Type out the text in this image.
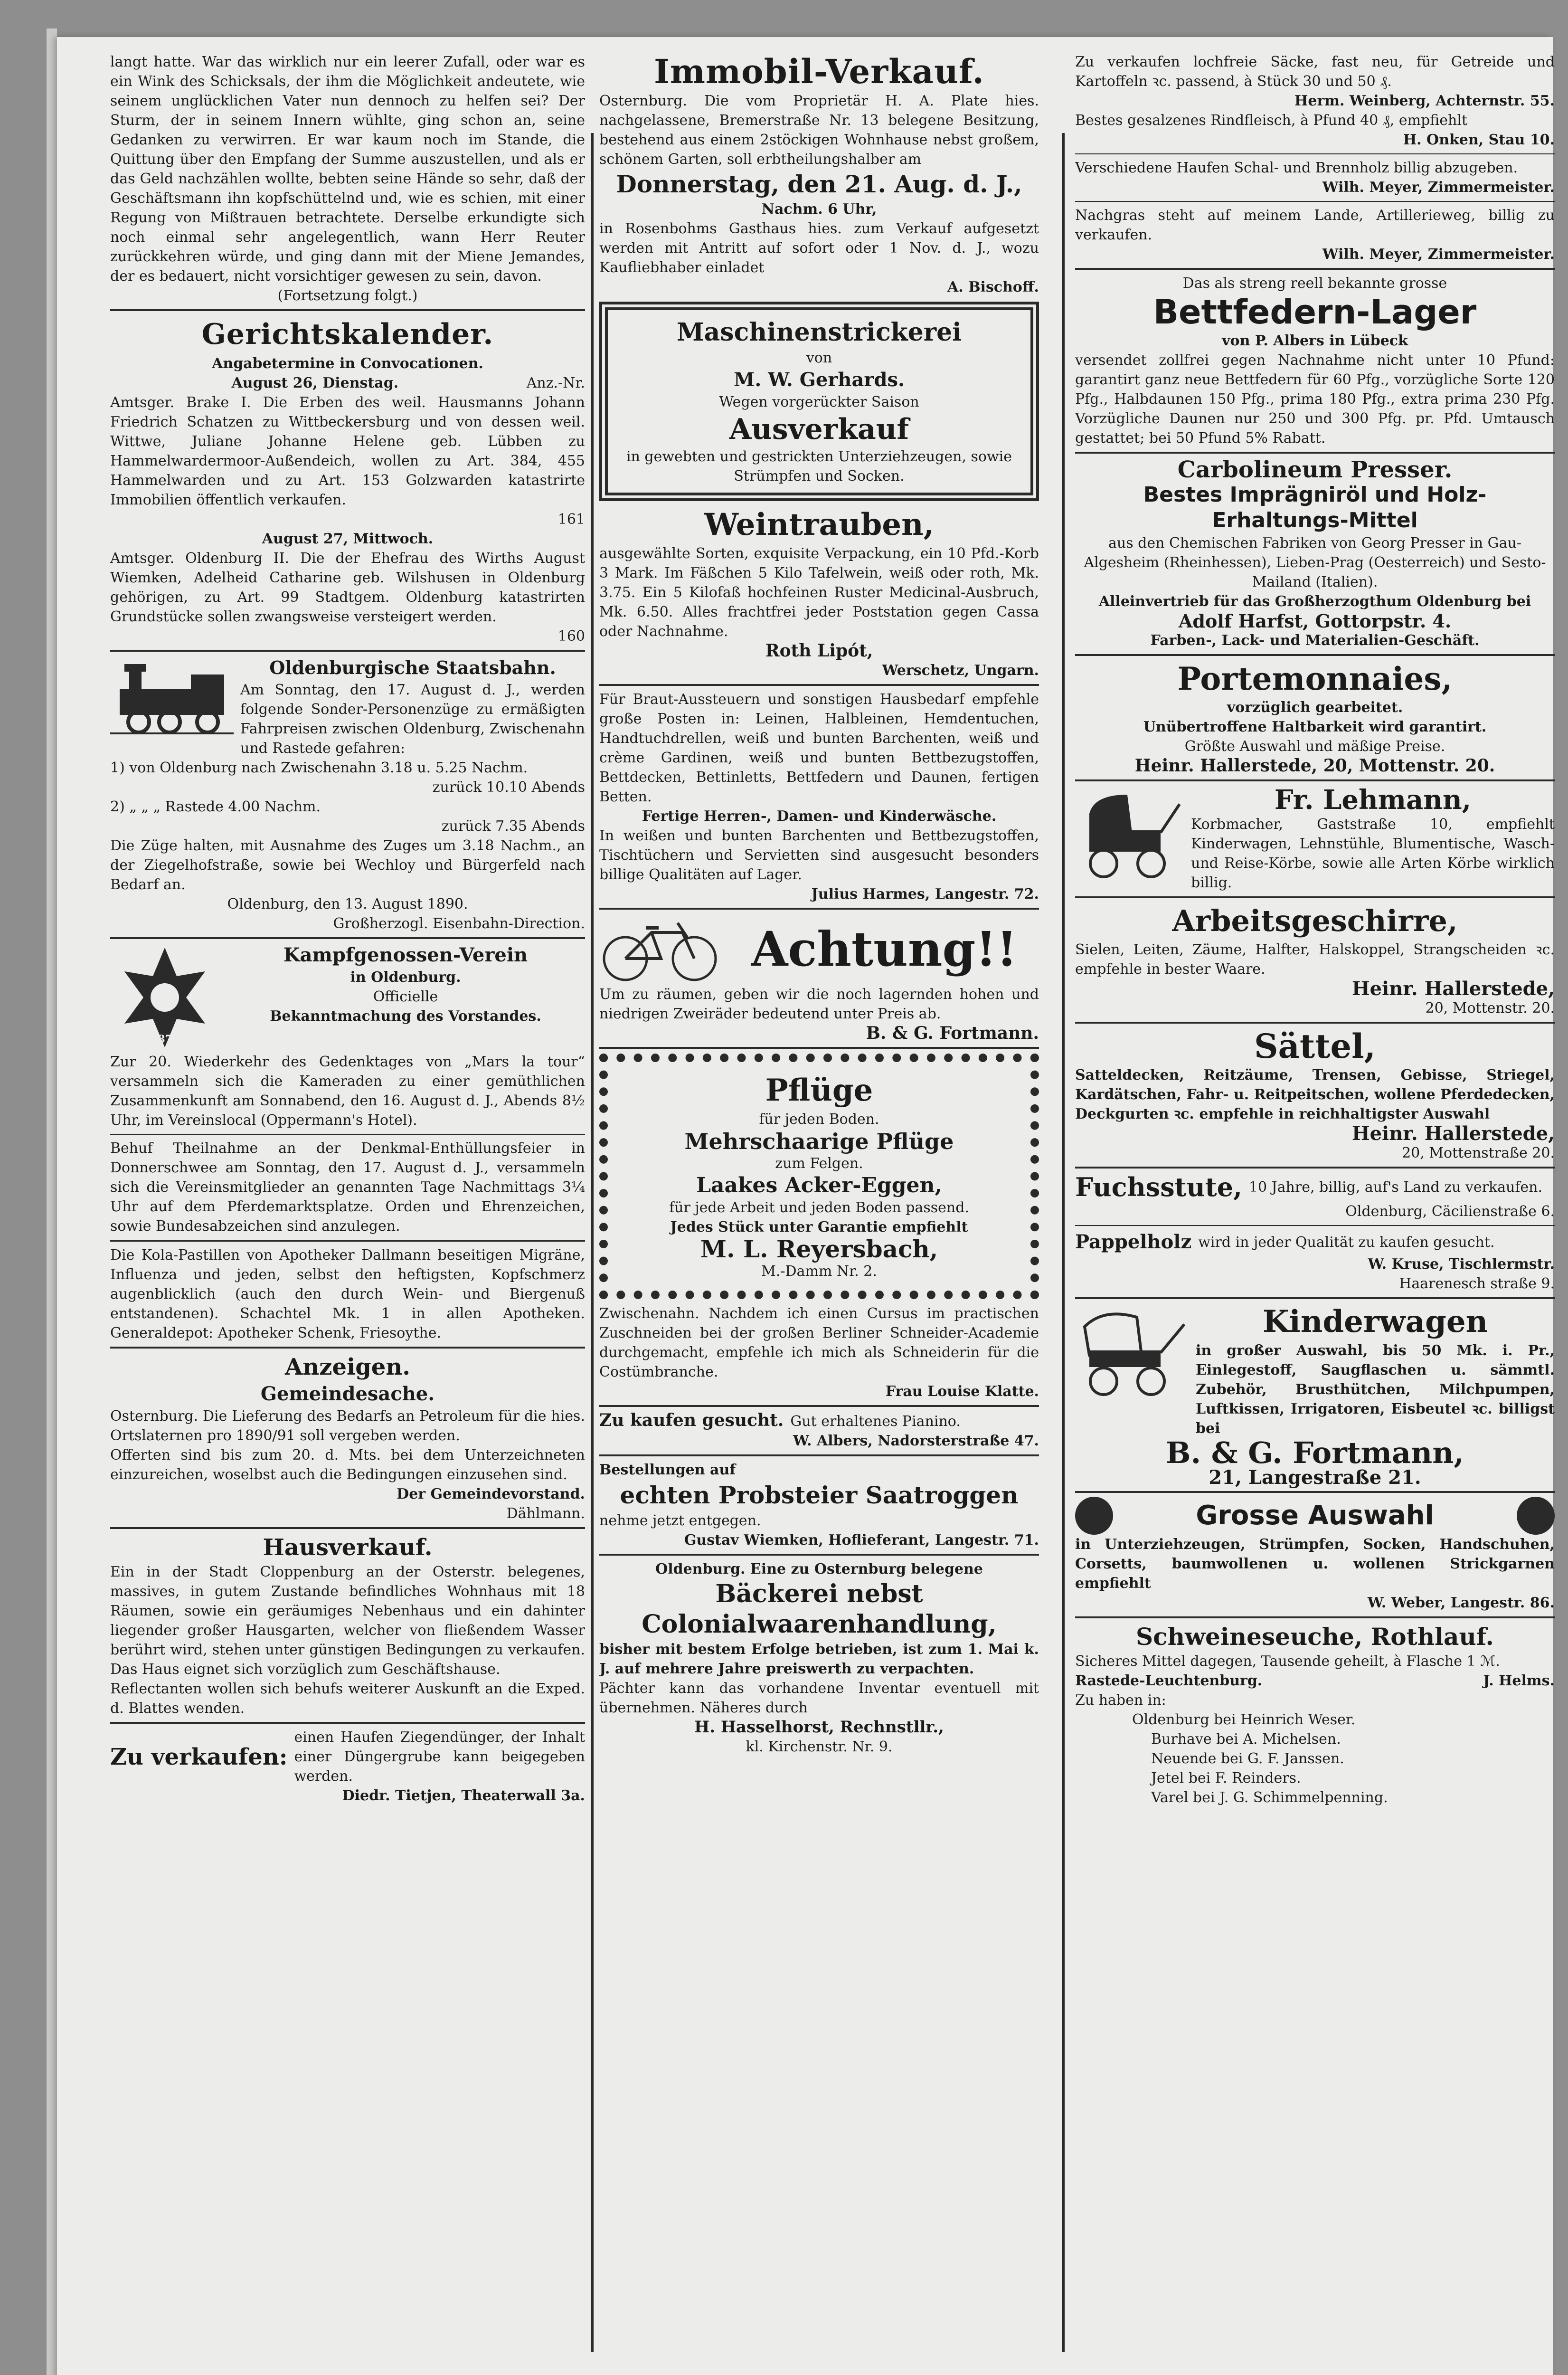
langt hatte. War das wirklich nur ein leerer Zufall, oder war es ein Wink des Schicksals, der ihm die Möglichkeit andeutete, wie seinem unglücklichen Vater nun dennoch zu helfen sei? Der Sturm, der in seinem Innern wühlte, ging schon an, seine Gedanken zu verwirren. Er war kaum noch im Stande, die Quittung über den Empfang der Summe auszustellen, und als er das Geld nachzählen wollte, bebten seine Hände so sehr, daß der Geschäftsmann ihn kopfschüttelnd und, wie es schien, mit einer Regung von Mißtrauen betrachtete. Derselbe erkundigte sich noch einmal sehr angelegentlich, wann Herr Reuter zurückkehren würde, und ging dann mit der Miene Jemandes, der es bedauert, nicht vorsichtiger gewesen zu sein, davon.

(Fortsetzung folgt.)

Gerichtskalender.

Angabetermine in Convocationen.

August 26, Dienstag.	Anz.-Nr.

Amtsger. Brake I. Die Erben des weil. Hausmanns Johann Friedrich Schatzen zu Wittbeckersburg und von dessen weil. Wittwe, Juliane Johanne Helene geb. Lübben zu Hammelwardermoor-Außendeich, wollen zu Art. 384, 455 Hammelwarden und zu Art. 153 Golzwarden katastrirte Immobilien öffentlich verkaufen.

161

August 27, Mittwoch.

Amtsger. Oldenburg II. Die der Ehefrau des Wirths August Wiemken, Adelheid Catharine geb. Wilshusen in Oldenburg gehörigen, zu Art. 99 Stadtgem. Oldenburg katastrirten Grundstücke sollen zwangsweise versteigert werden.

160

Oldenburgische Staatsbahn.

Am Sonntag, den 17. August d. J., werden folgende Sonder-Personenzüge zu ermäßigten Fahrpreisen zwischen Oldenburg, Zwischenahn und Rastede gefahren:

1) von Oldenburg nach Zwischenahn 3.18 u. 5.25 Nachm.

zurück 10.10 Abends

2) „ „ „ Rastede 4.00 Nachm.

zurück 7.35 Abends

Die Züge halten, mit Ausnahme des Zuges um 3.18 Nachm., an der Ziegelhofstraße, sowie bei Wechloy und Bürgerfeld nach Bedarf an.

Oldenburg, den 13. August 1890.

Großherzogl. Eisenbahn-Direction.

1870

Kampfgenossen-Verein

in Oldenburg.

Officielle

Bekanntmachung des Vorstandes.

Zur 20. Wiederkehr des Gedenktages von „Mars la tour“ versammeln sich die Kameraden zu einer gemüthlichen Zusammenkunft am Sonnabend, den 16. August d. J., Abends 8½ Uhr, im Vereinslocal (Oppermann's Hotel).

Behuf Theilnahme an der Denkmal-Enthüllungsfeier in Donnerschwee am Sonntag, den 17. August d. J., versammeln sich die Vereinsmitglieder an genannten Tage Nachmittags 3¼ Uhr auf dem Pferdemarktsplatze. Orden und Ehrenzeichen, sowie Bundesabzeichen sind anzulegen.

Die Kola-Pastillen von Apotheker Dallmann beseitigen Migräne, Influenza und jeden, selbst den heftigsten, Kopfschmerz augenblicklich (auch den durch Wein- und Biergenuß entstandenen). Schachtel Mk. 1 in allen Apotheken. Generaldepot: Apotheker Schenk, Friesoythe.

Anzeigen.

Gemeindesache.

Osternburg. Die Lieferung des Bedarfs an Petroleum für die hies. Ortslaternen pro 1890/91 soll vergeben werden.

Offerten sind bis zum 20. d. Mts. bei dem Unterzeichneten einzureichen, woselbst auch die Bedingungen einzusehen sind.

Der Gemeindevorstand.

Dählmann.

Hausverkauf.

Ein in der Stadt Cloppenburg an der Osterstr. belegenes, massives, in gutem Zustande befindliches Wohnhaus mit 18 Räumen, sowie ein geräumiges Nebenhaus und ein dahinter liegender großer Hausgarten, welcher von fließendem Wasser berührt wird, stehen unter günstigen Bedingungen zu verkaufen. Das Haus eignet sich vorzüglich zum Geschäftshause.

Reflectanten wollen sich behufs weiterer Auskunft an die Exped. d. Blattes wenden.

Zu verkaufen:

einen Haufen Ziegendünger, der Inhalt einer Düngergrube kann beigegeben werden.

Diedr. Tietjen, Theaterwall 3a.

Immobil-Verkauf.

Osternburg. Die vom Proprietär H. A. Plate hies. nachgelassene, Bremerstraße Nr. 13 belegene Besitzung, bestehend aus einem 2stöckigen Wohnhause nebst großem, schönem Garten, soll erbtheilungshalber am

Donnerstag, den 21. Aug. d. J.,

Nachm. 6 Uhr,

in Rosenbohms Gasthaus hies. zum Verkauf aufgesetzt werden mit Antritt auf sofort oder 1 Nov. d. J., wozu Kaufliebhaber einladet

A. Bischoff.

Maschinenstrickerei

von

M. W. Gerhards.

Wegen vorgerückter Saison

Ausverkauf

in gewebten und gestrickten Unterziehzeugen, sowie Strümpfen und Socken.

Weintrauben,

ausgewählte Sorten, exquisite Verpackung, ein 10 Pfd.-Korb 3 Mark. Im Fäßchen 5 Kilo Tafelwein, weiß oder roth, Mk. 3.75. Ein 5 Kilofaß hochfeinen Ruster Medicinal-Ausbruch, Mk. 6.50. Alles frachtfrei jeder Poststation gegen Cassa oder Nachnahme.

Roth Lipót,

Werschetz, Ungarn.

Für Braut-Aussteuern und sonstigen Hausbedarf empfehle große Posten in: Leinen, Halbleinen, Hemdentuchen, Handtuchdrellen, weiß und bunten Barchenten, weiß und crème Gardinen, weiß und bunten Bettbezugstoffen, Bettdecken, Bettinletts, Bettfedern und Daunen, fertigen Betten.

Fertige Herren-, Damen- und Kinderwäsche.

In weißen und bunten Barchenten und Bettbezugstoffen, Tischtüchern und Servietten sind ausgesucht besonders billige Qualitäten auf Lager.

Julius Harmes, Langestr. 72.

Achtung!!

Um zu räumen, geben wir die noch lagernden hohen und niedrigen Zweiräder bedeutend unter Preis ab.

B. & G. Fortmann.

Pflüge

für jeden Boden.

Mehrschaarige Pflüge

zum Felgen.

Laakes Acker-Eggen,

für jede Arbeit und jeden Boden passend.

Jedes Stück unter Garantie empfiehlt

M. L. Reyersbach,

M.-Damm Nr. 2.

Zwischenahn. Nachdem ich einen Cursus im practischen Zuschneiden bei der großen Berliner Schneider-Academie durchgemacht, empfehle ich mich als Schneiderin für die Costümbranche.

Frau Louise Klatte.

Zu kaufen gesucht. Gut erhaltenes Pianino.

W. Albers, Nadorsterstraße 47.

Bestellungen auf

echten Probsteier Saatroggen

nehme jetzt entgegen.

Gustav Wiemken, Hoflieferant, Langestr. 71.

Oldenburg. Eine zu Osternburg belegene

Bäckerei nebst

Colonialwaarenhandlung,

bisher mit bestem Erfolge betrieben, ist zum 1. Mai k. J. auf mehrere Jahre preiswerth zu verpachten.

Pächter kann das vorhandene Inventar eventuell mit übernehmen. Näheres durch

H. Hasselhorst, Rechnstllr.,

kl. Kirchenstr. Nr. 9.

Zu verkaufen lochfreie Säcke, fast neu, für Getreide und Kartoffeln ꝛc. passend, à Stück 30 und 50 ₰.

Herm. Weinberg, Achternstr. 55.

Bestes gesalzenes Rindfleisch, à Pfund 40 ₰, empfiehlt

H. Onken, Stau 10.

Verschiedene Haufen Schal- und Brennholz billig abzugeben.

Wilh. Meyer, Zimmermeister.

Nachgras steht auf meinem Lande, Artillerieweg, billig zu verkaufen.

Wilh. Meyer, Zimmermeister.

Das als streng reell bekannte grosse

Bettfedern-Lager

von P. Albers in Lübeck

versendet zollfrei gegen Nachnahme nicht unter 10 Pfund: garantirt ganz neue Bettfedern für 60 Pfg., vorzügliche Sorte 120 Pfg., Halbdaunen 150 Pfg., prima 180 Pfg., extra prima 230 Pfg. Vorzügliche Daunen nur 250 und 300 Pfg. pr. Pfd. Umtausch gestattet; bei 50 Pfund 5% Rabatt.

Carbolineum Presser.

Bestes Imprägniröl und Holz-Erhaltungs-Mittel

aus den Chemischen Fabriken von Georg Presser in Gau-Algesheim (Rheinhessen), Lieben-Prag (Oesterreich) und Sesto-Mailand (Italien).

Alleinvertrieb für das Großherzogthum Oldenburg bei

Adolf Harfst, Gottorpstr. 4.

Farben-, Lack- und Materialien-Geschäft.

Portemonnaies,

vorzüglich gearbeitet.

Unübertroffene Haltbarkeit wird garantirt.

Größte Auswahl und mäßige Preise.

Heinr. Hallerstede, 20, Mottenstr. 20.

Fr. Lehmann,

Korbmacher, Gaststraße 10, empfiehlt Kinderwagen, Lehnstühle, Blumentische, Wasch- und Reise-Körbe, sowie alle Arten Körbe wirklich billig.

Arbeitsgeschirre,

Sielen, Leiten, Zäume, Halfter, Halskoppel, Strangscheiden ꝛc. empfehle in bester Waare.

Heinr. Hallerstede,

20, Mottenstr. 20.

Sättel,

Satteldecken, Reitzäume, Trensen, Gebisse, Striegel, Kardätschen, Fahr- u. Reitpeitschen, wollene Pferdedecken, Deckgurten ꝛc. empfehle in reichhaltigster Auswahl

Heinr. Hallerstede,

20, Mottenstraße 20.

Fuchsstute, 10 Jahre, billig, auf's Land zu verkaufen.

Oldenburg, Cäcilienstraße 6.

Pappelholz wird in jeder Qualität zu kaufen gesucht.

W. Kruse, Tischlermstr.

Haarenesch straße 9.

Kinderwagen

in großer Auswahl, bis 50 Mk. i. Pr., Einlegestoff, Saugflaschen u. sämmtl. Zubehör, Brusthütchen, Milchpumpen, Luftkissen, Irrigatoren, Eisbeutel ꝛc. billigst bei

B. & G. Fortmann,

21, Langestraße 21.

Grosse Auswahl

in Unterziehzeugen, Strümpfen, Socken, Handschuhen, Corsetts, baumwollenen u. wollenen Strickgarnen empfiehlt

W. Weber, Langestr. 86.

Schweineseuche, Rothlauf.

Sicheres Mittel dagegen, Tausende geheilt, à Flasche 1 ℳ.

Rastede-Leuchtenburg.	J. Helms.

Zu haben in:

Oldenburg bei Heinrich Weser.

Burhave bei A. Michelsen.

Neuende bei G. F. Janssen.

Jetel bei F. Reinders.

Varel bei J. G. Schimmelpenning.
